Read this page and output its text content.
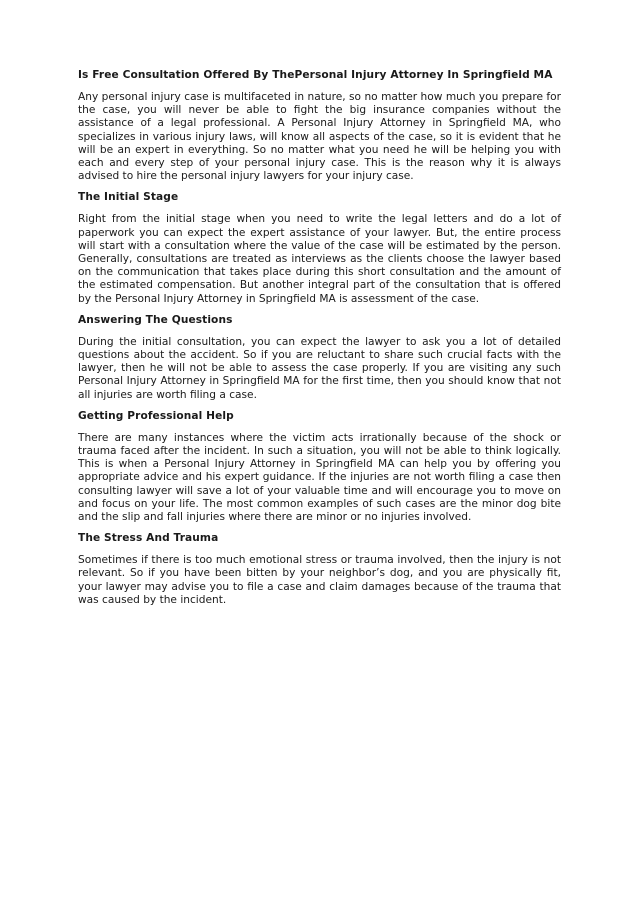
Is Free Consultation Offered By ThePersonal Injury Attorney In Springfield MA

Any personal injury case is multifaceted in nature, so no matter how much you prepare for the case, you will never be able to fight the big insurance companies without the assistance of a legal professional. A Personal Injury Attorney in Springfield MA, who specializes in various injury laws, will know all aspects of the case, so it is evident that he will be an expert in everything. So no matter what you need he will be helping you with each and every step of your personal injury case. This is the reason why it is always advised to hire the personal injury lawyers for your injury case.

The Initial Stage

Right from the initial stage when you need to write the legal letters and do a lot of paperwork you can expect the expert assistance of your lawyer. But, the entire process will start with a consultation where the value of the case will be estimated by the person. Generally, consultations are treated as interviews as the clients choose the lawyer based on the communication that takes place during this short consultation and the amount of the estimated compensation. But another integral part of the consultation that is offered by the Personal Injury Attorney in Springfield MA is assessment of the case.

Answering The Questions

During the initial consultation, you can expect the lawyer to ask you a lot of detailed questions about the accident. So if you are reluctant to share such crucial facts with the lawyer, then he will not be able to assess the case properly. If you are visiting any such Personal Injury Attorney in Springfield MA for the first time, then you should know that not all injuries are worth filing a case.

Getting Professional Help

There are many instances where the victim acts irrationally because of the shock or trauma faced after the incident. In such a situation, you will not be able to think logically. This is when a Personal Injury Attorney in Springfield MA can help you by offering you appropriate advice and his expert guidance. If the injuries are not worth filing a case then consulting lawyer will save a lot of your valuable time and will encourage you to move on and focus on your life. The most common examples of such cases are the minor dog bite and the slip and fall injuries where there are minor or no injuries involved.

The Stress And Trauma

Sometimes if there is too much emotional stress or trauma involved, then the injury is not relevant. So if you have been bitten by your neighbor’s dog, and you are physically fit, your lawyer may advise you to file a case and claim damages because of the trauma that was caused by the incident.
